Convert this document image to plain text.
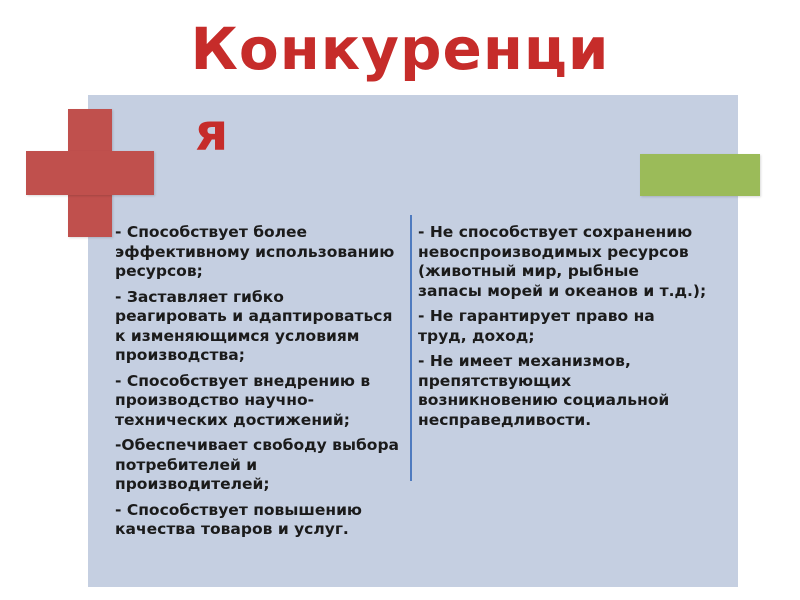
Конкуренци
я

- Способствует более эффективному использованию ресурсов;

- Заставляет гибко реагировать и адаптироваться к изменяющимся условиям производства;

- Способствует внедрению в производство научно-технических достижений;

-Обеспечивает свободу выбора потребителей и производителей;

- Способствует повышению качества товаров и услуг.

- Не способствует сохранению невоспроизводимых ресурсов (животный мир, рыбные запасы морей и океанов и т.д.);

- Не гарантирует право на труд, доход;

- Не имеет механизмов, препятствующих возникновению социальной несправедливости.
